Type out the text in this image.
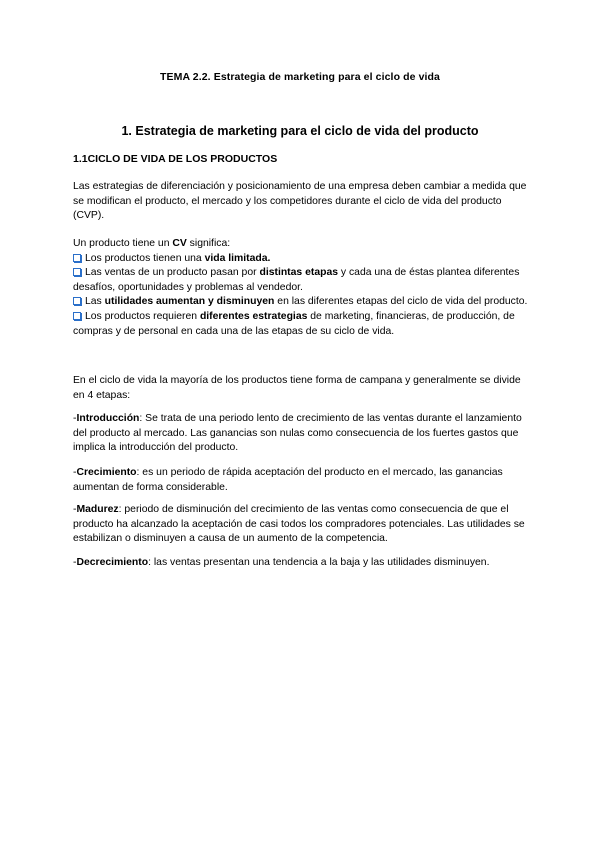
TEMA 2.2. Estrategia de marketing para el ciclo de vida
1. Estrategia de marketing para el ciclo de vida del producto
1.1CICLO DE VIDA DE LOS PRODUCTOS
Las estrategias de diferenciación y posicionamiento de una empresa deben cambiar a medida que se modifican el producto, el mercado y los competidores durante el ciclo de vida del producto (CVP).
Un producto tiene un CV significa:
Los productos tienen una vida limitada.
Las ventas de un producto pasan por distintas etapas y cada una de éstas plantea diferentes desafíos, oportunidades y problemas al vendedor.
Las utilidades aumentan y disminuyen en las diferentes etapas del ciclo de vida del producto.
Los productos requieren diferentes estrategias de marketing, financieras, de producción, de compras y de personal en cada una de las etapas de su ciclo de vida.
En el ciclo de vida la mayoría de los productos tiene forma de campana y generalmente se divide en 4 etapas:
-Introducción: Se trata de una periodo lento de crecimiento de las ventas durante el lanzamiento del producto al mercado. Las ganancias son nulas como consecuencia de los fuertes gastos que implica la introducción del producto.
-Crecimiento: es un periodo de rápida aceptación del producto en el mercado, las ganancias aumentan de forma considerable.
-Madurez: periodo de disminución del crecimiento de las ventas como consecuencia de que el producto ha alcanzado la aceptación de casi todos los compradores potenciales. Las utilidades se estabilizan o disminuyen a causa de un aumento de la competencia.
-Decrecimiento: las ventas presentan una tendencia a la baja y las utilidades disminuyen.
